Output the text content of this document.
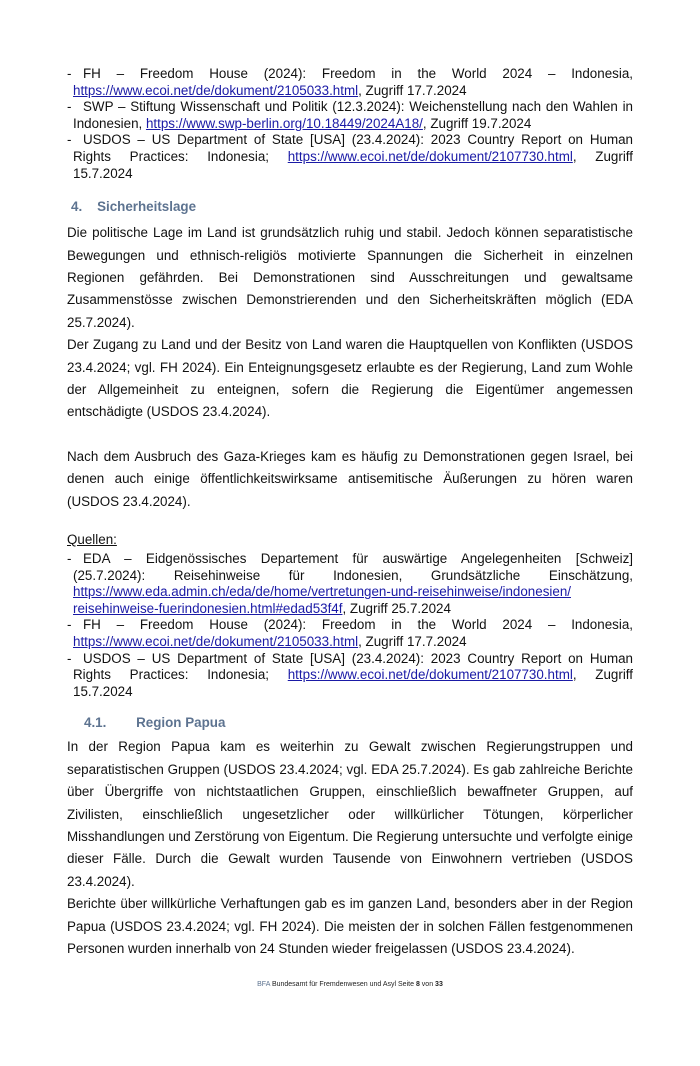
- FH – Freedom House (2024): Freedom in the World 2024 – Indonesia, https://www.ecoi.net/de/dokument/2105033.html, Zugriff 17.7.2024
- SWP – Stiftung Wissenschaft und Politik (12.3.2024): Weichenstellung nach den Wahlen in Indonesien, https://www.swp-berlin.org/10.18449/2024A18/, Zugriff 19.7.2024
- USDOS – US Department of State [USA] (23.4.2024): 2023 Country Report on Human Rights Practices: Indonesia; https://www.ecoi.net/de/dokument/2107730.html, Zugriff 15.7.2024
4. Sicherheitslage

Die politische Lage im Land ist grundsätzlich ruhig und stabil. Jedoch können separatistische Bewegungen und ethnisch-religiös motivierte Spannungen die Sicherheit in einzelnen Regionen gefährden. Bei Demonstrationen sind Ausschreitungen und gewaltsame Zusammenstösse zwischen Demonstrierenden und den Sicherheitskräften möglich (EDA 25.7.2024).

Der Zugang zu Land und der Besitz von Land waren die Hauptquellen von Konflikten (USDOS 23.4.2024; vgl. FH 2024). Ein Enteignungsgesetz erlaubte es der Regierung, Land zum Wohle der Allgemeinheit zu enteignen, sofern die Regierung die Eigentümer angemessen entschädigte (USDOS 23.4.2024).

Nach dem Ausbruch des Gaza-Krieges kam es häufig zu Demonstrationen gegen Israel, bei denen auch einige öffentlichkeitswirksame antisemitische Äußerungen zu hören waren (USDOS 23.4.2024).

Quellen:
- EDA – Eidgenössisches Departement für auswärtige Angelegenheiten [Schweiz] (25.7.2024): Reisehinweise für Indonesien, Grundsätzliche Einschätzung, https://www.eda.admin.ch/eda/de/home/vertretungen-und-reisehinweise/indonesien/
reisehinweise-fuerindonesien.html#edad53f4f, Zugriff 25.7.2024
- FH – Freedom House (2024): Freedom in the World 2024 – Indonesia, https://www.ecoi.net/de/dokument/2105033.html, Zugriff 17.7.2024
- USDOS – US Department of State [USA] (23.4.2024): 2023 Country Report on Human Rights Practices: Indonesia; https://www.ecoi.net/de/dokument/2107730.html, Zugriff 15.7.2024
4.1. Region Papua

In der Region Papua kam es weiterhin zu Gewalt zwischen Regierungstruppen und separatistischen Gruppen (USDOS 23.4.2024; vgl. EDA 25.7.2024). Es gab zahlreiche Berichte über Übergriffe von nichtstaatlichen Gruppen, einschließlich bewaffneter Gruppen, auf Zivilisten, einschließlich ungesetzlicher oder willkürlicher Tötungen, körperlicher Misshandlungen und Zerstörung von Eigentum. Die Regierung untersuchte und verfolgte einige dieser Fälle. Durch die Gewalt wurden Tausende von Einwohnern vertrieben (USDOS 23.4.2024).

Berichte über willkürliche Verhaftungen gab es im ganzen Land, besonders aber in der Region Papua (USDOS 23.4.2024; vgl. FH 2024). Die meisten der in solchen Fällen festgenommenen Personen wurden innerhalb von 24 Stunden wieder freigelassen (USDOS 23.4.2024).

BFA Bundesamt für Fremdenwesen und Asyl Seite 8 von 33
